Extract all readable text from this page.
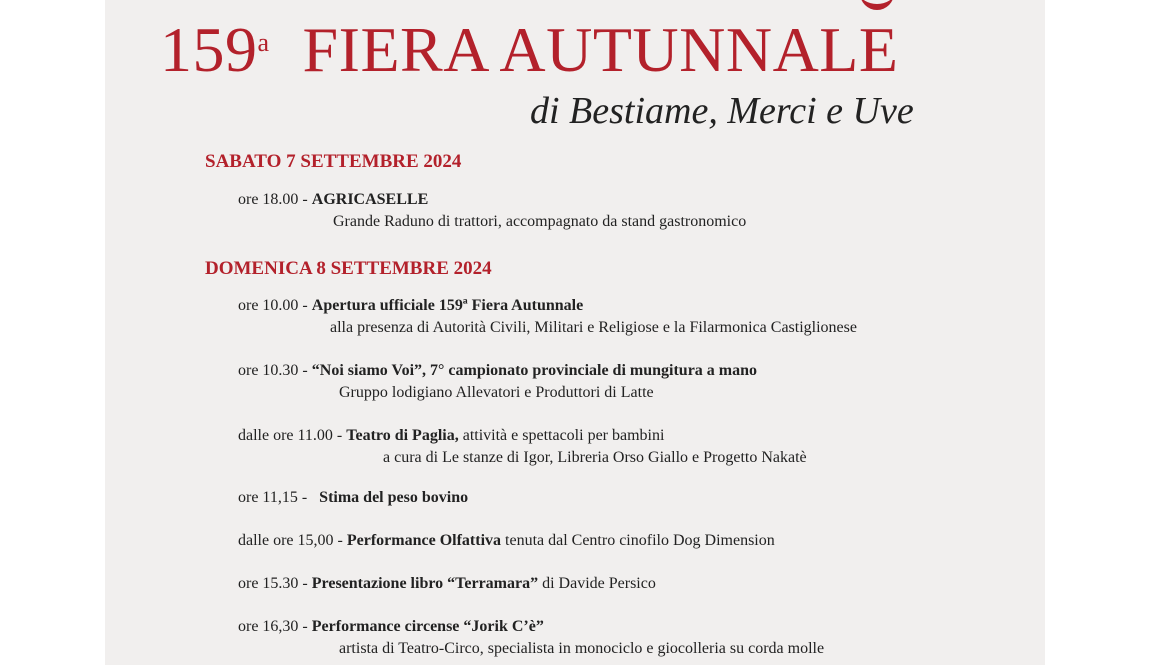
159$^a$ FIERA AUTUNNALE
di Bestiame, Merci e Uve
SABATO 7 SETTEMBRE 2024
ore 18.00 - AGRICASELLE
Grande Raduno di trattori, accompagnato da stand gastronomico
DOMENICA 8 SETTEMBRE 2024
ore 10.00 - Apertura ufficiale 159ª Fiera Autunnale
alla presenza di Autorità Civili, Militari e Religiose e la Filarmonica Castiglionese
ore 10.30 - “Noi siamo Voi”, 7° campionato provinciale di mungitura a mano
Gruppo lodigiano Allevatori e Produttori di Latte
dalle ore 11.00 - Teatro di Paglia, attività e spettacoli per bambini
a cura di Le stanze di Igor, Libreria Orso Giallo e Progetto Nakatè
ore 11,15 - Stima del peso bovino
dalle ore 15,00 - Performance Olfattiva tenuta dal Centro cinofilo Dog Dimension
ore 15.30 - Presentazione libro “Terramara” di Davide Persico
ore 16,30 - Performance circense “Jorik C’è”
artista di Teatro-Circo, specialista in monociclo e giocolleria su corda molle
